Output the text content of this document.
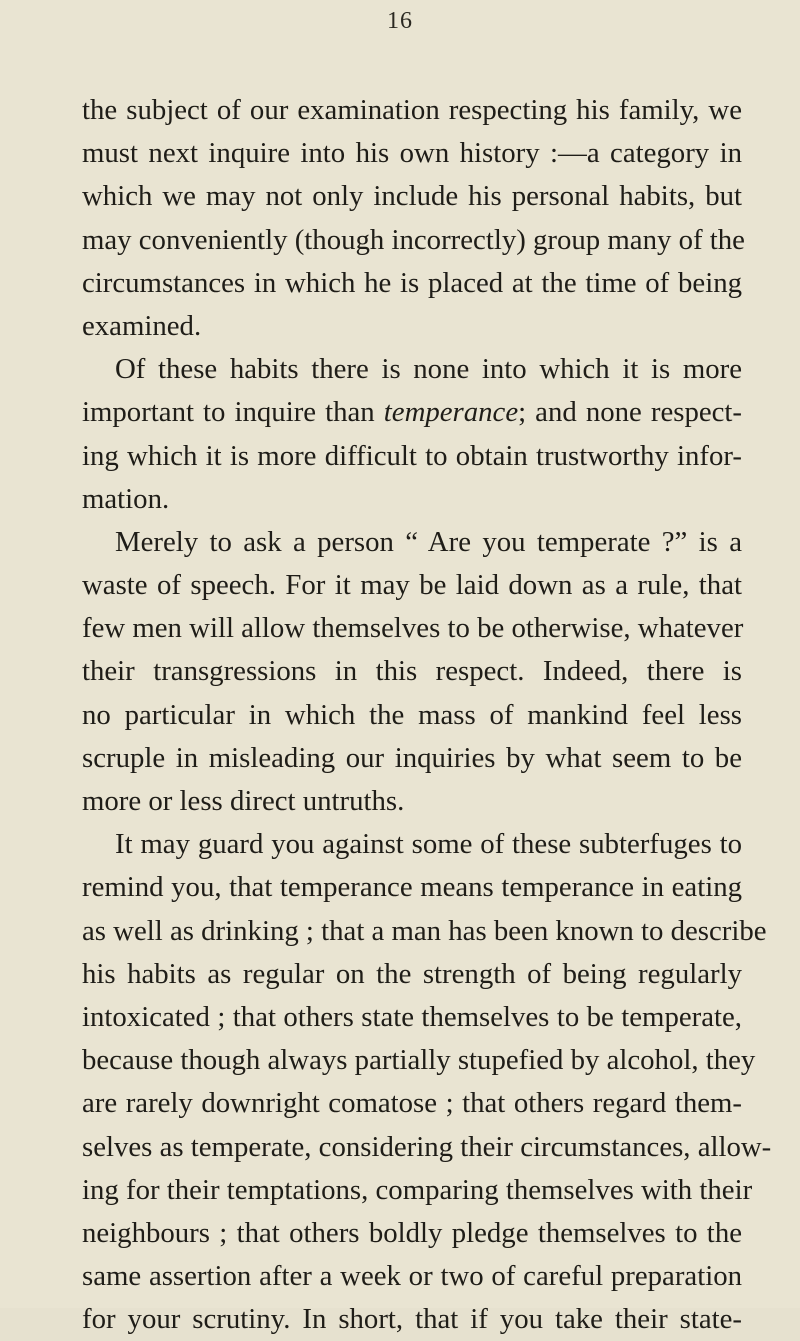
16
the subject of our examination respecting his family, we
must next inquire into his own history :—a category in
which we may not only include his personal habits, but
may conveniently (though incorrectly) group many of the
circumstances in which he is placed at the time of being
examined.
Of these habits there is none into which it is more
important to inquire than temperance; and none respect-
ing which it is more difficult to obtain trustworthy infor-
mation.
Merely to ask a person “ Are you temperate ?” is a
waste of speech. For it may be laid down as a rule, that
few men will allow themselves to be otherwise, whatever
their transgressions in this respect. Indeed, there is
no particular in which the mass of mankind feel less
scruple in misleading our inquiries by what seem to be
more or less direct untruths.
It may guard you against some of these subterfuges to
remind you, that temperance means temperance in eating
as well as drinking ; that a man has been known to describe
his habits as regular on the strength of being regularly
intoxicated ; that others state themselves to be temperate,
because though always partially stupefied by alcohol, they
are rarely downright comatose ; that others regard them-
selves as temperate, considering their circumstances, allow-
ing for their temptations, comparing themselves with their
neighbours ; that others boldly pledge themselves to the
same assertion after a week or two of careful preparation
for your scrutiny. In short, that if you take their state-
